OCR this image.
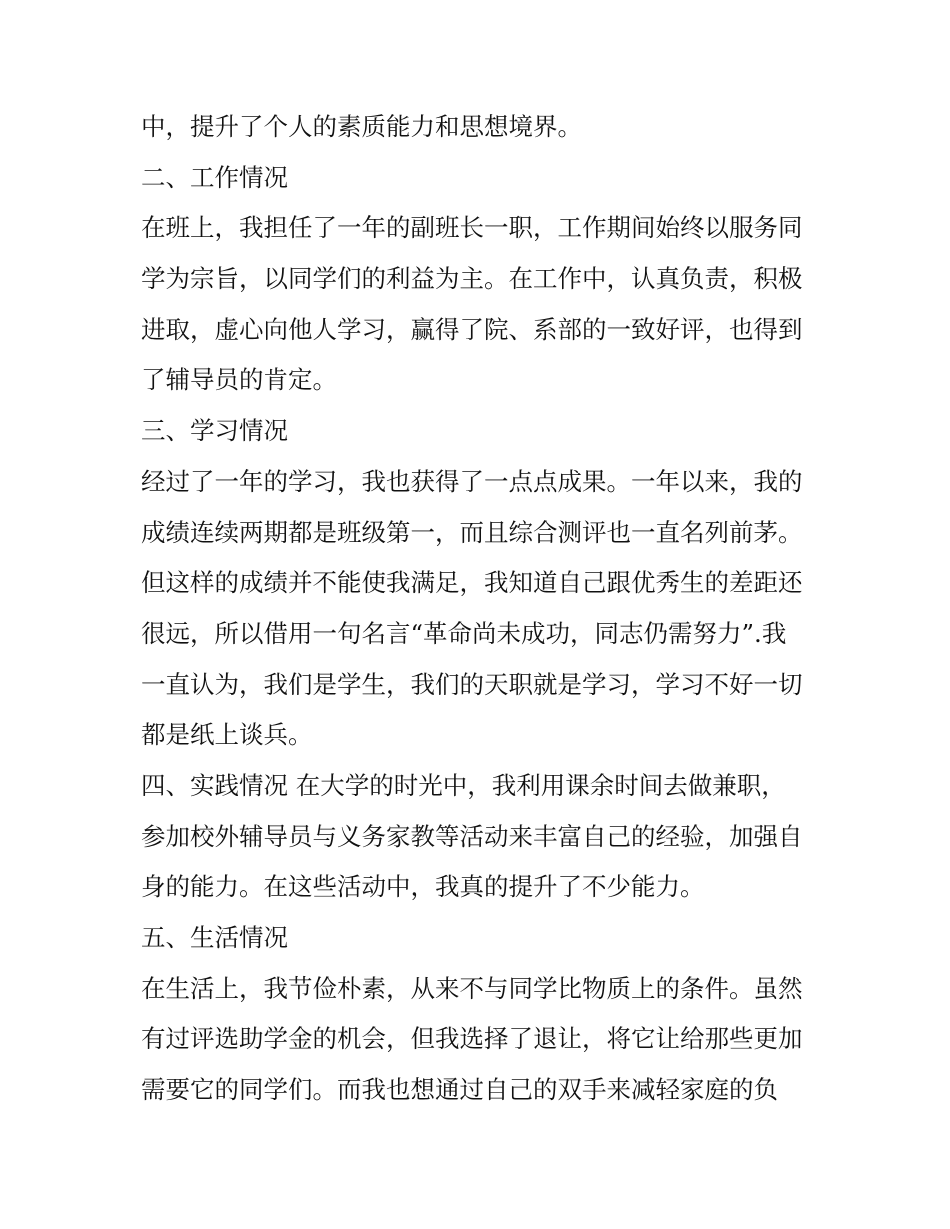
中，提升了个人的素质能力和思想境界。
二、工作情况
在班上，我担任了一年的副班长一职，工作期间始终以服务同
学为宗旨，以同学们的利益为主。在工作中，认真负责，积极
进取，虚心向他人学习，赢得了院、系部的一致好评，也得到
了辅导员的肯定。
三、学习情况
经过了一年的学习，我也获得了一点点成果。一年以来，我的
成绩连续两期都是班级第一，而且综合测评也一直名列前茅。
但这样的成绩并不能使我满足，我知道自己跟优秀生的差距还
很远，所以借用一句名言“革命尚未成功，同志仍需努力”.我
一直认为，我们是学生，我们的天职就是学习，学习不好一切
都是纸上谈兵。
四、实践情况 在大学的时光中，我利用课余时间去做兼职，
参加校外辅导员与义务家教等活动来丰富自己的经验，加强自
身的能力。在这些活动中，我真的提升了不少能力。
五、生活情况
在生活上，我节俭朴素，从来不与同学比物质上的条件。虽然
有过评选助学金的机会，但我选择了退让，将它让给那些更加
需要它的同学们。而我也想通过自己的双手来减轻家庭的负
